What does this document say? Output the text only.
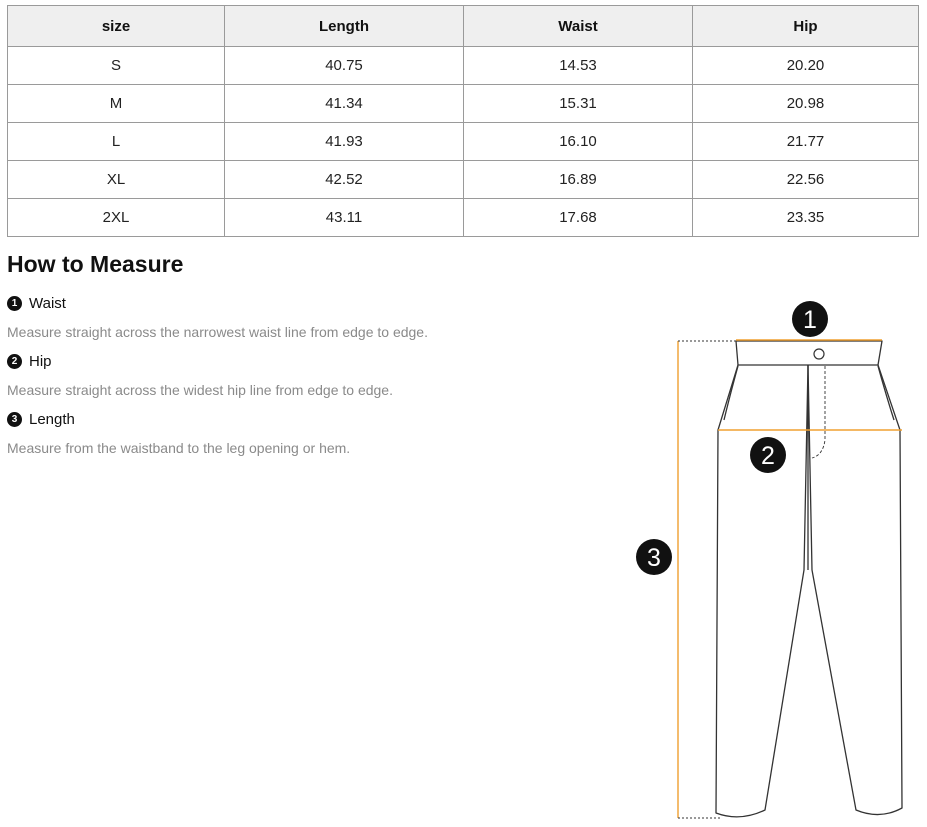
size	Length	Waist	Hip
S	40.75	14.53	20.20
M	41.34	15.31	20.98
L	41.93	16.10	21.77
XL	42.52	16.89	22.56
2XL	43.11	17.68	23.35
How to Measure
1 Waist
Measure straight across the narrowest waist line from edge to edge.
2 Hip
Measure straight across the widest hip line from edge to edge.
3 Length
Measure from the waistband to the leg opening or hem.
1
2
3
